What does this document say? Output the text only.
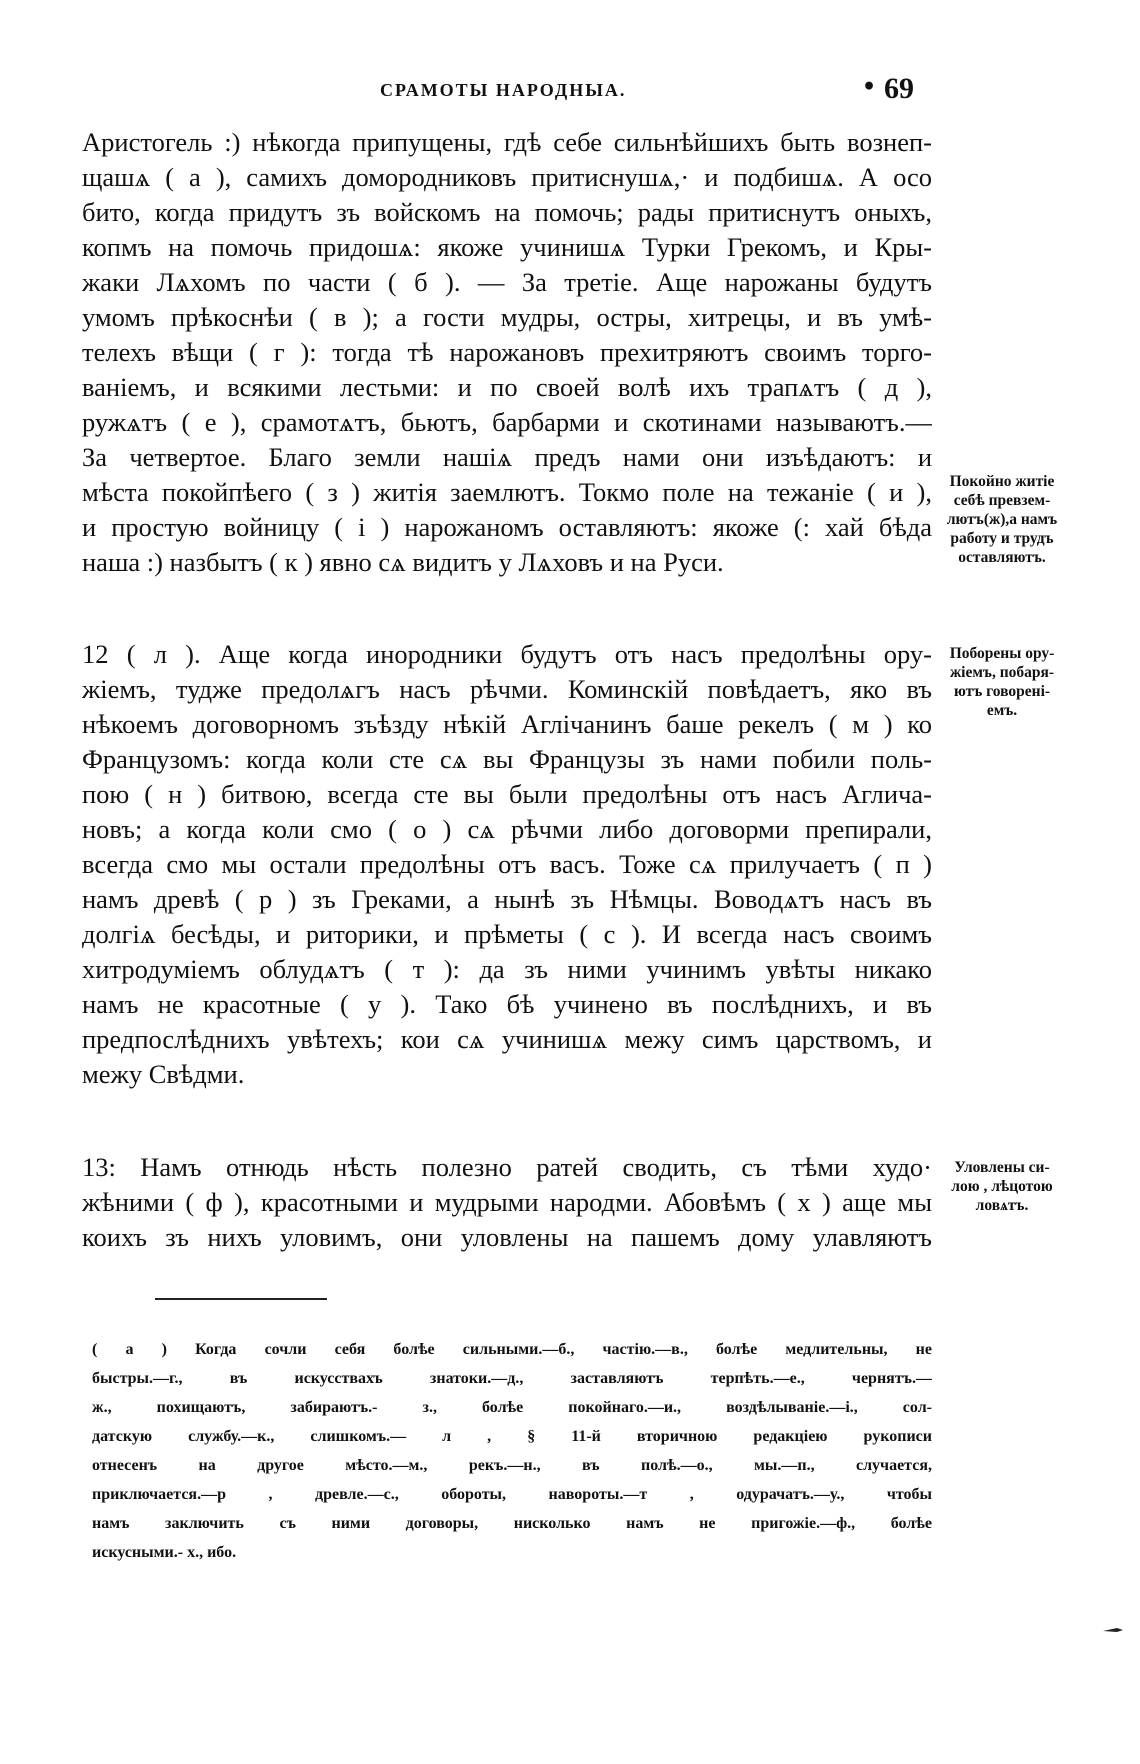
СРАМОТЫ НАРОДНЫА.	• 69
Аристогель :) нѣкогда припущены, гдѣ себе сильнѣйшихъ быть вознеп-
щашѧ ( а ), самихъ домородниковъ притиснушѧ,· и подбишѧ. А осо
бито, когда придутъ зъ войскомъ на помочь; рады притиснутъ оныхъ,
копмъ на помочь придошѧ: якоже учинишѧ Турки Грекомъ, и Кры-
жаки Лѧхомъ по части ( б ). — За третіе. Аще нарожаны будутъ
умомъ прѣкоснѣи ( в ); а гости мудры, остры, хитрецы, и въ умѣ-
телехъ вѣщи ( г ): тогда тѣ нарожановъ прехитряютъ своимъ торго-
ваніемъ, и всякими лестьми: и по своей волѣ ихъ трапѧтъ ( д ),
ружѧтъ ( е ), срамотѧтъ, бьютъ, барбарми и скотинами называютъ.—
За четвертое. Благо земли нашіѧ предъ нами они изъѣдаютъ: и
мѣста покойпѣего ( з ) житія заемлютъ. Токмо поле на тежаніе ( и ),
и простую войницу ( і ) нарожаномъ оставляютъ: якоже (: хай бѣда
наша :) назбытъ ( к ) явно сѧ видитъ у Лѧховъ и на Руси.
12 ( л ). Аще когда инородники будутъ отъ насъ предолѣны ору-
жіемъ, тудже предолѧгъ насъ рѣчми. Коминскій повѣдаетъ, яко въ
нѣкоемъ договорномъ зъѣзду нѣкій Аглічанинъ баше рекелъ ( м ) ко
Французомъ: когда коли сте сѧ вы Французы зъ нами побили поль-
пою ( н ) битвою, всегда сте вы были предолѣны отъ насъ Аглича-
новъ; а когда коли смо ( о ) сѧ рѣчми либо договорми препирали,
всегда смо мы остали предолѣны отъ васъ. Тоже сѧ прилучаетъ ( п )
намъ древѣ ( р ) зъ Греками, а нынѣ зъ Нѣмцы. Воводѧтъ насъ въ
долгіѧ бесѣды, и риторики, и прѣметы ( с ). И всегда насъ своимъ
хитродуміемъ облудѧтъ ( т ): да зъ ними учинимъ увѣты никако
намъ не красотные ( у ). Тако бѣ учинено въ послѣднихъ, и въ
предпослѣднихъ увѣтехъ; кои сѧ учинишѧ межу симъ царствомъ, и
межу Свѣдми.
13: Намъ отнюдь нѣсть полезно ратей сводить, съ тѣми худо·
жѣними ( ф ), красотными и мудрыми народми. Абовѣмъ ( х ) аще мы
коихъ зъ нихъ уловимъ, они уловлены на пашемъ дому улавляютъ
Покойно житіе
себѣ превзем-
лютъ(ж),а намъ
работу и трудъ
оставляютъ.
Поборены ору-
жіемъ, побаря-
ютъ говорені-
емъ.
Уловлены си-
лою , лѣцотою
ловѧтъ.
( а ) Когда сочли себя болѣе сильными.—б., частію.—в., болѣе медлительны, не
быстры.—г., въ искусствахъ знатоки.—д., заставляютъ терпѣть.—е., чернятъ.—
ж., похищаютъ, забираютъ.- з., болѣе покойнаго.—и., воздѣлываніе.—і., сол-
датскую службу.—к., слишкомъ.— л , § 11-й вторичною редакціею рукописи
отнесенъ на другое мѣсто.—м., рекъ.—н., въ полѣ.—о., мы.—п., случается,
приключается.—р , древле.—с., обороты, навороты.—т , одурачатъ.—у., чтобы
намъ заключить съ ними договоры, нисколько намъ не пригожіе.—ф., болѣе
искусными.- х., ибо.
